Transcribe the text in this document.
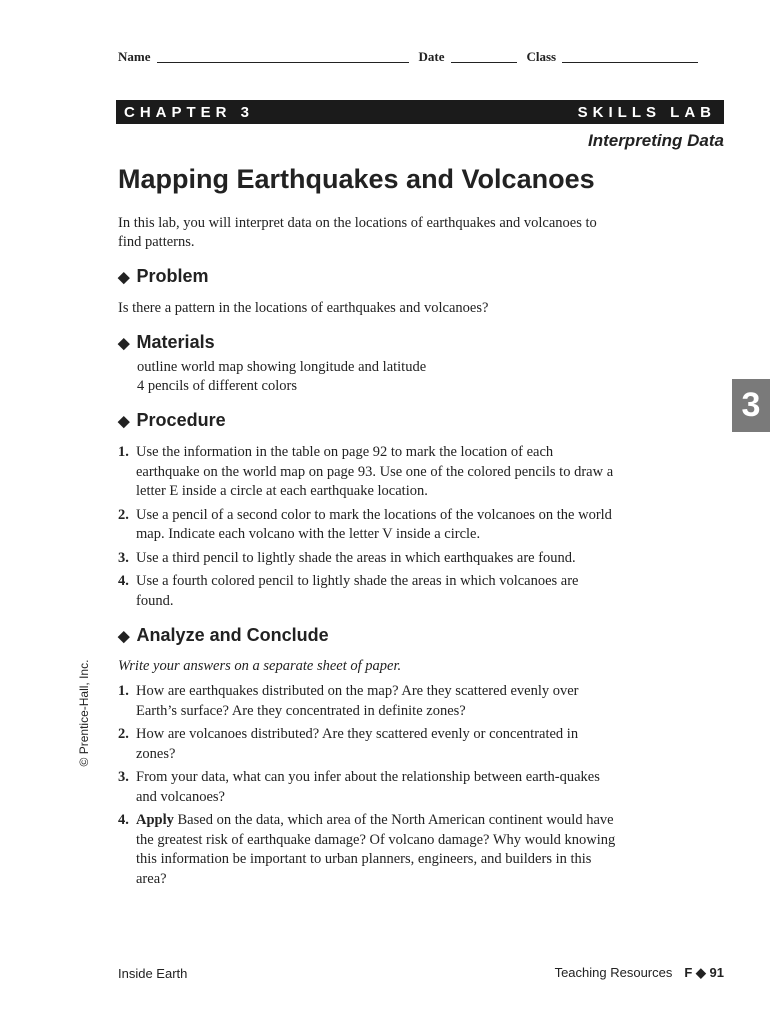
Name	Date	Class
CHAPTER 3	SKILLS LAB
Interpreting Data
Mapping Earthquakes and Volcanoes

In this lab, you will interpret data on the locations of earthquakes and volcanoes to find patterns.

◆ Problem

Is there a pattern in the locations of earthquakes and volcanoes?

◆ Materials
outline world map showing longitude and latitude
4 pencils of different colors
◆ Procedure
1. Use the information in the table on page 92 to mark the location of each earthquake on the world map on page 93. Use one of the colored pencils to draw a letter E inside a circle at each earthquake location.
2. Use a pencil of a second color to mark the locations of the volcanoes on the world map. Indicate each volcano with the letter V inside a circle.
3. Use a third pencil to lightly shade the areas in which earthquakes are found.
4. Use a fourth colored pencil to lightly shade the areas in which volcanoes are found.
◆ Analyze and Conclude

Write your answers on a separate sheet of paper.

1. How are earthquakes distributed on the map? Are they scattered evenly over Earth’s surface? Are they concentrated in definite zones?
2. How are volcanoes distributed? Are they scattered evenly or concentrated in zones?
3. From your data, what can you infer about the relationship between earth-quakes and volcanoes?
4. Apply Based on the data, which area of the North American continent would have the greatest risk of earthquake damage? Of volcano damage? Why would knowing this information be important to urban planners, engineers, and builders in this area?
3
© Prentice-Hall, Inc.
Inside Earth	Teaching Resources F ◆ 91
